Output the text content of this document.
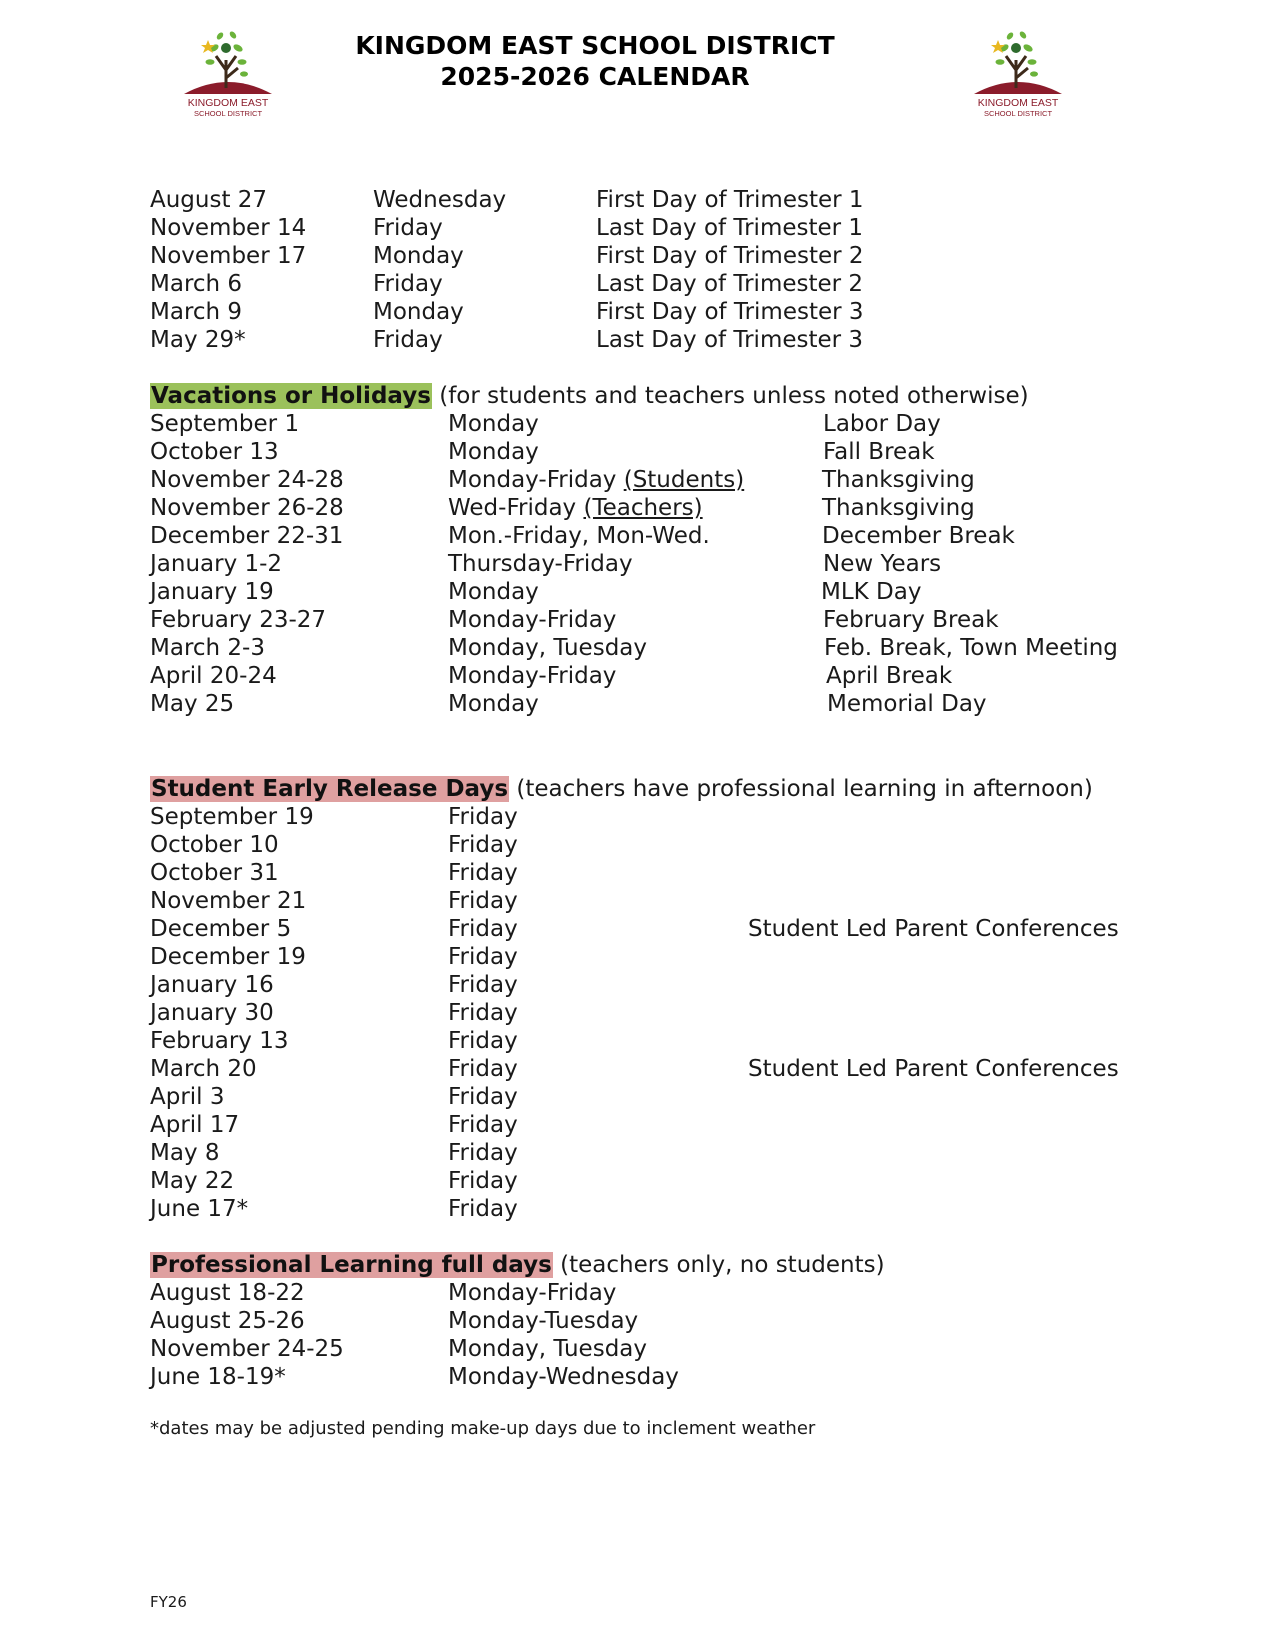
KINGDOM EAST
SCHOOL DISTRICT
KINGDOM EAST SCHOOL DISTRICT
2025-2026 CALENDAR
KINGDOM EAST
SCHOOL DISTRICT
August 27	Wednesday	First Day of Trimester 1
November 14	Friday	Last Day of Trimester 1
November 17	Monday	First Day of Trimester 2
March 6	Friday	Last Day of Trimester 2
March 9	Monday	First Day of Trimester 3
May 29*	Friday	Last Day of Trimester 3
Vacations or Holidays (for students and teachers unless noted otherwise)
September 1	Monday	Labor Day
October 13	Monday	Fall Break
November 24-28	Monday-Friday (Students)	Thanksgiving
November 26-28	Wed-Friday (Teachers)	Thanksgiving
December 22-31	Mon.-Friday, Mon-Wed.	December Break
January 1-2	Thursday-Friday	New Years
January 19	Monday	MLK Day
February 23-27	Monday-Friday	February Break
March 2-3	Monday, Tuesday	Feb. Break, Town Meeting
April 20-24	Monday-Friday	April Break
May 25	Monday	Memorial Day
Student Early Release Days (teachers have professional learning in afternoon)
September 19	Friday
October 10	Friday
October 31	Friday
November 21	Friday
December 5	Friday	Student Led Parent Conferences
December 19	Friday
January 16	Friday
January 30	Friday
February 13	Friday
March 20	Friday	Student Led Parent Conferences
April 3	Friday
April 17	Friday
May 8	Friday
May 22	Friday
June 17*	Friday
Professional Learning full days (teachers only, no students)
August 18-22	Monday-Friday
August 25-26	Monday-Tuesday
November 24-25	Monday, Tuesday
June 18-19*	Monday-Wednesday
*dates may be adjusted pending make-up days due to inclement weather
FY26
